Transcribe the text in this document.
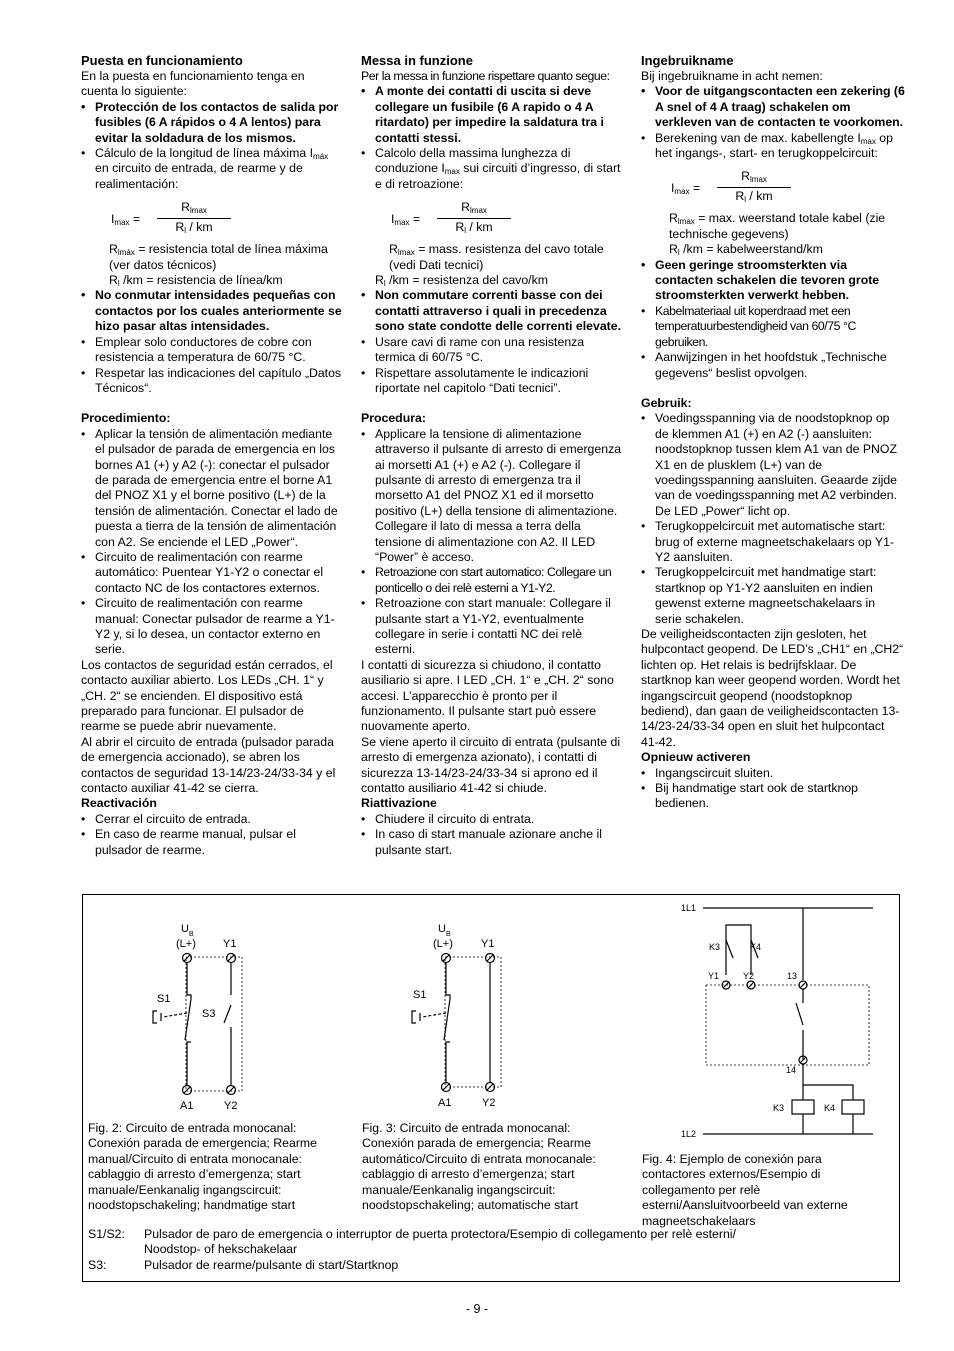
Puesta en funcionamiento

En la puesta en funcionamiento tenga en cuenta lo siguiente:

• Protección de los contactos de salida por fusibles (6 A rápidos o 4 A lentos) para evitar la soldadura de los mismos.
• Cálculo de la longitud de línea máxima $I_{máx}$ en circuito de entrada, de rearme y de realimentación:
$I_{max}$ =
$R_{lmax}$
$R_l$ / km

$R_{lmáx}$ = resistencia total de línea máxima (ver datos técnicos)

$R_l$ /km = resistencia de línea/km

• No conmutar intensidades pequeñas con contactos por los cuales anteriormente se hizo pasar altas intensidades.
• Emplear solo conductores de cobre con resistencia a temperatura de 60/75 °C.
• Respetar las indicaciones del capítulo „Datos Técnicos“.

Procedimiento:

• Aplicar la tensión de alimentación mediante el pulsador de parada de emergencia en los bornes A1 (+) y A2 (-): conectar el pulsador de parada de emergencia entre el borne A1 del PNOZ X1 y el borne positivo (L+) de la tensión de alimentación. Conectar el lado de puesta a tierra de la tensión de alimentación con A2. Se enciende el LED „Power“.
• Circuito de realimentación con rearme automático: Puentear Y1-Y2 o conectar el contacto NC de los contactores externos.
• Circuito de realimentación con rearme manual: Conectar pulsador de rearme a Y1-Y2 y, si lo desea, un contactor externo en serie.

Los contactos de seguridad están cerrados, el contacto auxiliar abierto. Los LEDs „CH. 1“ y „CH. 2“ se encienden. El dispositivo está preparado para funcionar. El pulsador de rearme se puede abrir nuevamente.

Al abrir el circuito de entrada (pulsador parada de emergencia accionado), se abren los contactos de seguridad 13-14/23-24/33-34 y el contacto auxiliar 41-42 se cierra.

Reactivación

• Cerrar el circuito de entrada.
• En caso de rearme manual, pulsar el pulsador de rearme.

Messa in funzione

Per la messa in funzione rispettare quanto segue:

• A monte dei contatti di uscita si deve collegare un fusibile (6 A rapido o 4 A ritardato) per impedire la saldatura tra i contatti stessi.
• Calcolo della massima lunghezza di conduzione $I_{max}$ sui circuiti d’ingresso, di start e di retroazione:
$I_{max}$ =
$R_{lmax}$
$R_l$ / km

$R_{lmax}$ = mass. resistenza del cavo totale (vedi Dati tecnici)

$R_l$ /km = resistenza del cavo/km

• Non commutare correnti basse con dei contatti attraverso i quali in precedenza sono state condotte delle correnti elevate.
• Usare cavi di rame con una resistenza termica di 60/75 °C.
• Rispettare assolutamente le indicazioni riportate nel capitolo “Dati tecnici”.

Procedura:

• Applicare la tensione di alimentazione attraverso il pulsante di arresto di emergenza ai morsetti A1 (+) e A2 (-). Collegare il pulsante di arresto di emergenza tra il morsetto A1 del PNOZ X1 ed il morsetto positivo (L+) della tensione di alimentazione. Collegare il lato di messa a terra della tensione di alimentazione con A2. Il LED “Power” è acceso.
• Retroazione con start automatico: Collegare un ponticello o dei relè esterni a Y1-Y2.
• Retroazione con start manuale: Collegare il pulsante start a Y1-Y2, eventualmente collegare in serie i contatti NC dei relè esterni.

I contatti di sicurezza si chiudono, il contatto ausiliario si apre. I LED „CH. 1“ e „CH. 2“ sono accesi. L’apparecchio è pronto per il funzionamento. Il pulsante start può essere nuovamente aperto.

Se viene aperto il circuito di entrata (pulsante di arresto di emergenza azionato), i contatti di sicurezza 13-14/23-24/33-34 si aprono ed il contatto ausiliario 41-42 si chiude.

Riattivazione

• Chiudere il circuito di entrata.
• In caso di start manuale azionare anche il pulsante start.

Ingebruikname

Bij ingebruikname in acht nemen:

• Voor de uitgangscontacten een zekering (6 A snel of 4 A traag) schakelen om verkleven van de contacten te voorkomen.
• Berekening van de max. kabellengte $I_{max}$ op het ingangs-, start- en terugkoppelcircuit:
$I_{max}$ =
$R_{lmax}$
$R_l$ / km

$R_{lmax} = \max$. weerstand totale kabel (zie technische gegevens)

$R_l$ /km = kabelweerstand/km

• Geen geringe stroomsterkten via contacten schakelen die tevoren grote stroomsterkten verwerkt hebben.
• Kabelmateriaal uit koperdraad met een temperatuurbestendigheid van 60/75 °C gebruiken.
• Aanwijzingen in het hoofdstuk „Technische gegevens“ beslist opvolgen.

Gebruik:

• Voedingsspanning via de noodstopknop op de klemmen A1 (+) en A2 (-) aansluiten: noodstopknop tussen klem A1 van de PNOZ X1 en de plusklem (L+) van de voedingsspanning aansluiten. Geaarde zijde van de voedingsspanning met A2 verbinden. De LED „Power“ licht op.
• Terugkoppelcircuit met automatische start: brug of externe magneetschakelaars op Y1-Y2 aansluiten.
• Terugkoppelcircuit met handmatige start: startknop op Y1-Y2 aansluiten en indien gewenst externe magneetschakelaars in serie schakelen.

De veiligheidscontacten zijn gesloten, het hulpcontact geopend. De LED’s „CH1“ en „CH2“ lichten op. Het relais is bedrijfsklaar. De startknop kan weer geopend worden. Wordt het ingangscircuit geopend (noodstopknop bediend), dan gaan de veiligheidscontacten 13-14/23-24/33-34 open en sluit het hulpcontact 41-42.

Opnieuw activeren

• Ingangscircuit sluiten.
• Bij handmatige start ook de startknop bedienen.
U B
(L+) Y1
S1
S3
A1	Y2
U B
(L+)	Y1
S1
A1	Y2
1L1
K3	K4
Y1	Y2	13
14
K3	K4
1L2
Fig. 2: Circuito de entrada monocanal: Conexión parada de emergencia; Rearme manual/Circuito di entrata monocanale: cablaggio di arresto d’emergenza; start manuale/Eenkanalig ingangscircuit: noodstopschakeling; handmatige start
Fig. 3: Circuito de entrada monocanal: Conexión parada de emergencia; Rearme automático/Circuito di entrata monocanale: cablaggio di arresto d’emergenza; start manuale/Eenkanalig ingangscircuit: noodstopschakeling; automatische start
Fig. 4: Ejemplo de conexión para contactores externos/Esempio di collegamento per relè esterni/Aansluitvoorbeeld van externe magneetschakelaars
S1/S2: Pulsador de paro de emergencia o interruptor de puerta protectora/Esempio di collegamento per relè esterni/
Noodstop- of hekschakelaar
S3:	Pulsador de rearme/pulsante di start/Startknop
- 9 -
